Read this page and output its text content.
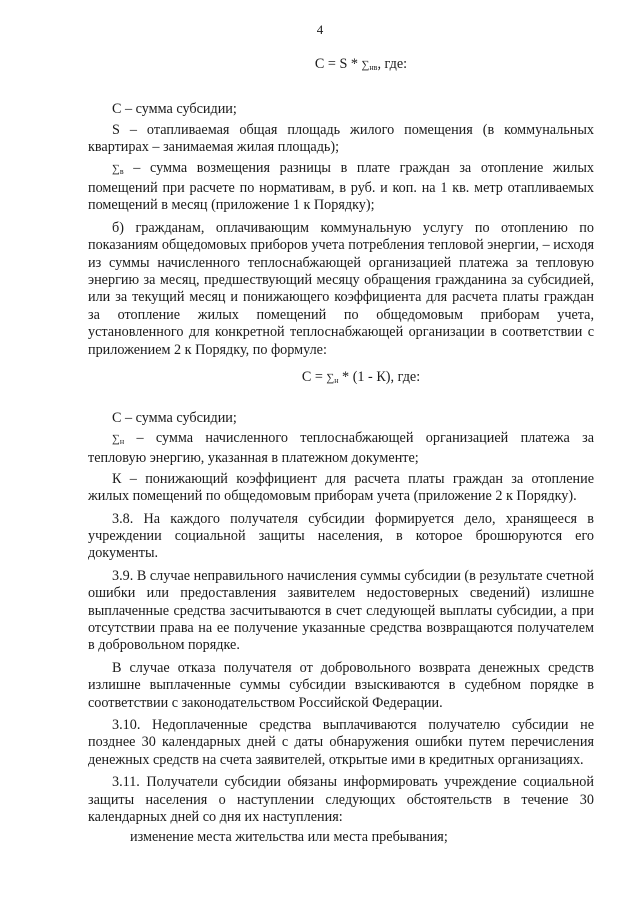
4
$С = S * \sum_{нв}$, где:

С – сумма субсидии;

S – отапливаемая общая площадь жилого помещения (в коммунальных квартирах – занимаемая жилая площадь);

$\sum_в$ – сумма возмещения разницы в плате граждан за отопление жилых помещений при расчете по нормативам, в руб. и коп. на 1 кв. метр отапливаемых помещений в месяц (приложение 1 к Порядку);

б) гражданам, оплачивающим коммунальную услугу по отоплению по показаниям общедомовых приборов учета потребления тепловой энергии, – исходя из суммы начисленного теплоснабжающей организацией платежа за тепловую энергию за месяц, предшествующий месяцу обращения гражданина за субсидией, или за текущий месяц и понижающего коэффициента для расчета платы граждан за отопление жилых помещений по общедомовым приборам учета, установленного для конкретной теплоснабжающей организации в соответствии с приложением 2 к Порядку, по формуле:

$С = \sum_н * (1 - К)$, где:

С – сумма субсидии;

$\sum_н$ – сумма начисленного теплоснабжающей организацией платежа за тепловую энергию, указанная в платежном документе;

К – понижающий коэффициент для расчета платы граждан за отопление жилых помещений по общедомовым приборам учета (приложение 2 к Порядку).

3.8. На каждого получателя субсидии формируется дело, хранящееся в учреждении социальной защиты населения, в которое брошюруются его документы.

3.9. В случае неправильного начисления суммы субсидии (в результате счетной ошибки или предоставления заявителем недостоверных сведений) излишне выплаченные средства засчитываются в счет следующей выплаты субсидии, а при отсутствии права на ее получение указанные средства возвращаются получателем в добровольном порядке.

В случае отказа получателя от добровольного возврата денежных средств излишне выплаченные суммы субсидии взыскиваются в судебном порядке в соответствии с законодательством Российской Федерации.

3.10. Недоплаченные средства выплачиваются получателю субсидии не позднее 30 календарных дней с даты обнаружения ошибки путем перечисления денежных средств на счета заявителей, открытые ими в кредитных организациях.

3.11. Получатели субсидии обязаны информировать учреждение социальной защиты населения о наступлении следующих обстоятельств в течение 30 календарных дней со дня их наступления:

изменение места жительства или места пребывания;
